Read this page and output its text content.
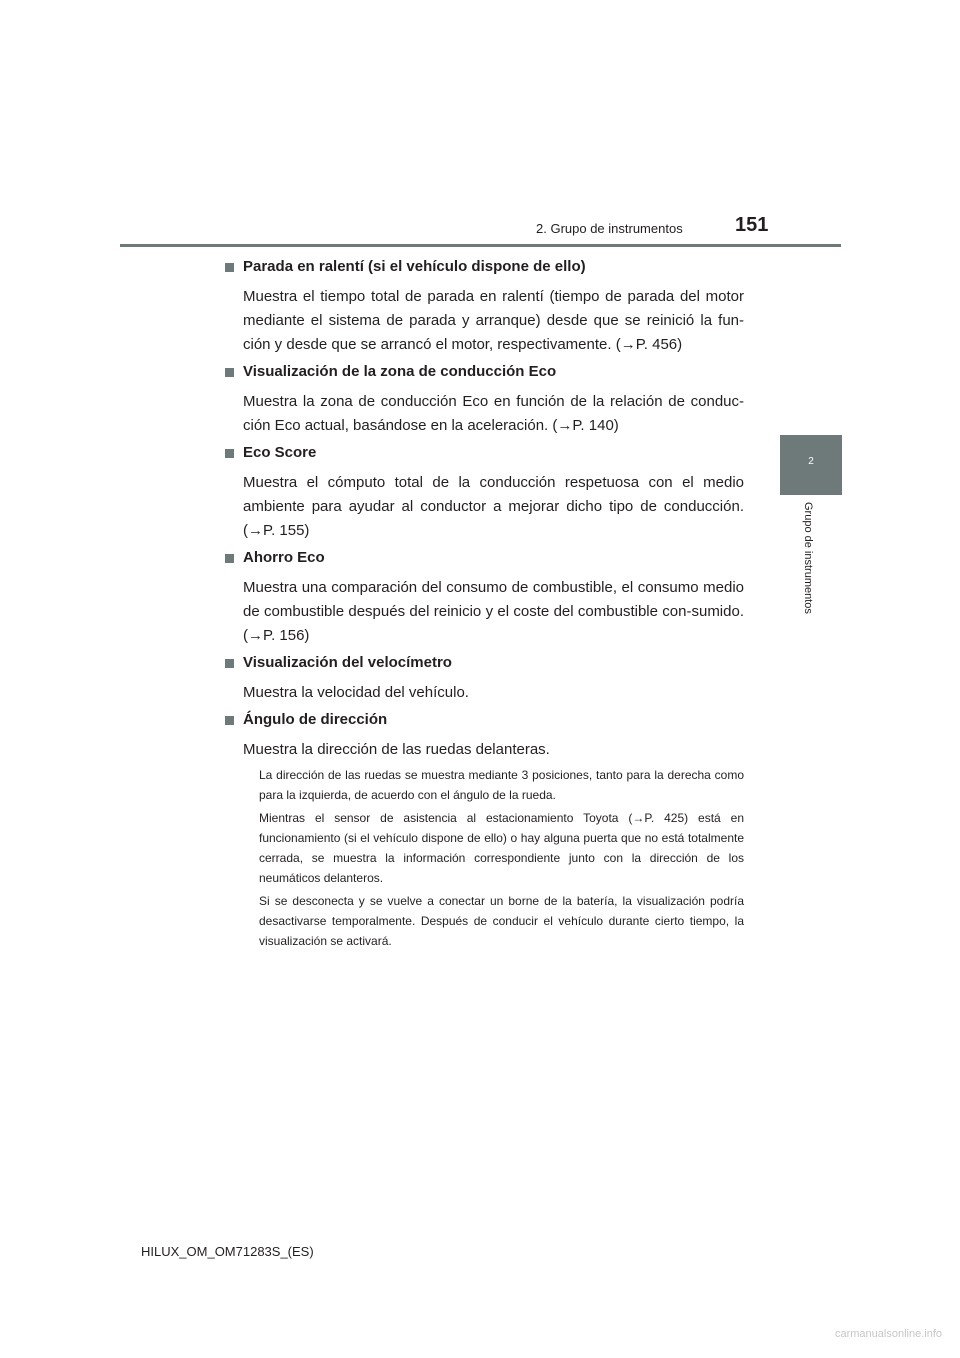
2. Grupo de instrumentos	151
2
Grupo de instrumentos
Parada en ralentí (si el vehículo dispone de ello)
Muestra el tiempo total de parada en ralentí (tiempo de parada del motor mediante el sistema de parada y arranque) desde que se reinició la fun-ción y desde que se arrancó el motor, respectivamente. (→P. 456)
Visualización de la zona de conducción Eco
Muestra la zona de conducción Eco en función de la relación de conduc-ción Eco actual, basándose en la aceleración. (→P. 140)
Eco Score
Muestra el cómputo total de la conducción respetuosa con el medio ambiente para ayudar al conductor a mejorar dicho tipo de conducción. (→P. 155)
Ahorro Eco
Muestra una comparación del consumo de combustible, el consumo medio de combustible después del reinicio y el coste del combustible con-sumido. (→P. 156)
Visualización del velocímetro
Muestra la velocidad del vehículo.
Ángulo de dirección
Muestra la dirección de las ruedas delanteras.
La dirección de las ruedas se muestra mediante 3 posiciones, tanto para la derecha como para la izquierda, de acuerdo con el ángulo de la rueda.
Mientras el sensor de asistencia al estacionamiento Toyota (→P. 425) está en funcionamiento (si el vehículo dispone de ello) o hay alguna puerta que no está totalmente cerrada, se muestra la información correspondiente junto con la dirección de los neumáticos delanteros.
Si se desconecta y se vuelve a conectar un borne de la batería, la visualización podría desactivarse temporalmente. Después de conducir el vehículo durante cierto tiempo, la visualización se activará.
HILUX_OM_OM71283S_(ES)
carmanualsonline.info
